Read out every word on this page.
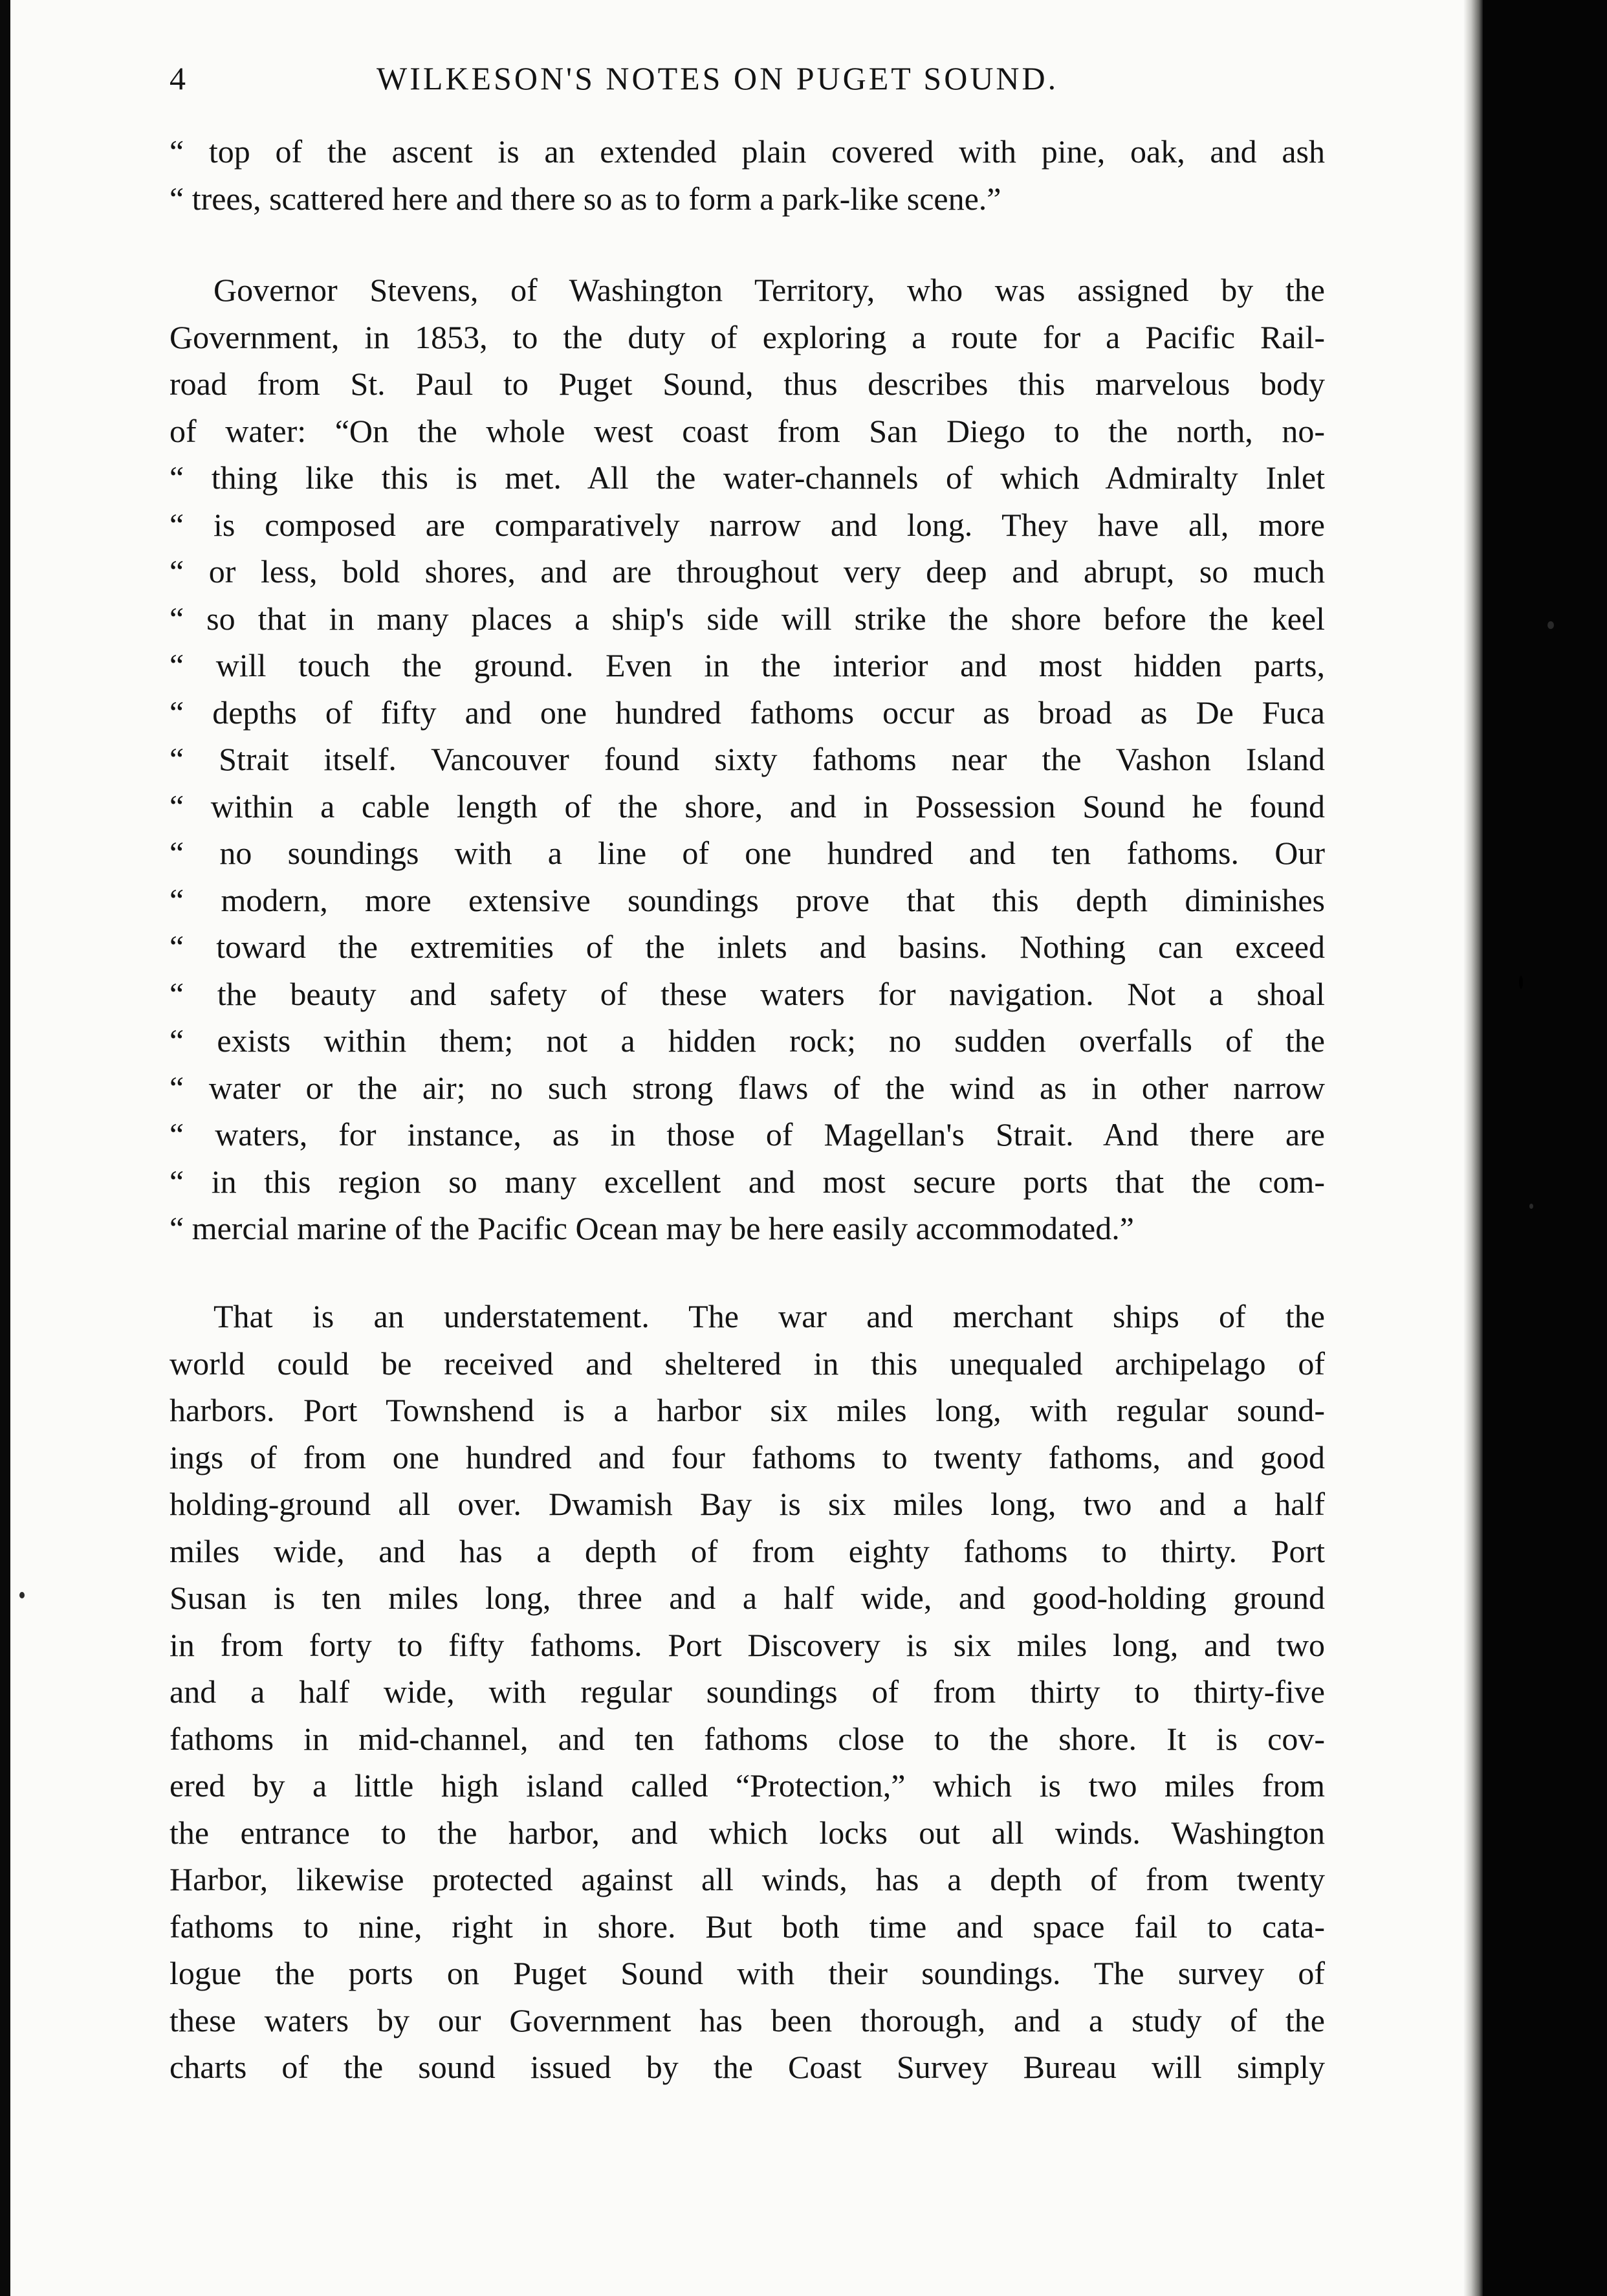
4	WILKESON'S NOTES ON PUGET SOUND.
“ top of the ascent is an extended plain covered with pine, oak, and ash
“ trees, scattered here and there so as to form a park-like scene.”
Governor Stevens, of Washington Territory, who was assigned by the
Government, in 1853, to the duty of exploring a route for a Pacific Rail-
road from St. Paul to Puget Sound, thus describes this marvelous body
of water: “On the whole west coast from San Diego to the north, no-
“ thing like this is met. All the water-channels of which Admiralty Inlet
“ is composed are comparatively narrow and long. They have all, more
“ or less, bold shores, and are throughout very deep and abrupt, so much
“ so that in many places a ship's side will strike the shore before the keel
“ will touch the ground. Even in the interior and most hidden parts,
“ depths of fifty and one hundred fathoms occur as broad as De Fuca
“ Strait itself. Vancouver found sixty fathoms near the Vashon Island
“ within a cable length of the shore, and in Possession Sound he found
“ no soundings with a line of one hundred and ten fathoms. Our
“ modern, more extensive soundings prove that this depth diminishes
“ toward the extremities of the inlets and basins. Nothing can exceed
“ the beauty and safety of these waters for navigation. Not a shoal
“ exists within them; not a hidden rock; no sudden overfalls of the
“ water or the air; no such strong flaws of the wind as in other narrow
“ waters, for instance, as in those of Magellan's Strait. And there are
“ in this region so many excellent and most secure ports that the com-
“ mercial marine of the Pacific Ocean may be here easily accommodated.”
That is an understatement. The war and merchant ships of the
world could be received and sheltered in this unequaled archipelago of
harbors. Port Townshend is a harbor six miles long, with regular sound-
ings of from one hundred and four fathoms to twenty fathoms, and good
holding-ground all over. Dwamish Bay is six miles long, two and a half
miles wide, and has a depth of from eighty fathoms to thirty. Port
Susan is ten miles long, three and a half wide, and good-holding ground
in from forty to fifty fathoms. Port Discovery is six miles long, and two
and a half wide, with regular soundings of from thirty to thirty-five
fathoms in mid-channel, and ten fathoms close to the shore. It is cov-
ered by a little high island called “Protection,” which is two miles from
the entrance to the harbor, and which locks out all winds. Washington
Harbor, likewise protected against all winds, has a depth of from twenty
fathoms to nine, right in shore. But both time and space fail to cata-
logue the ports on Puget Sound with their soundings. The survey of
these waters by our Government has been thorough, and a study of the
charts of the sound issued by the Coast Survey Bureau will simply
